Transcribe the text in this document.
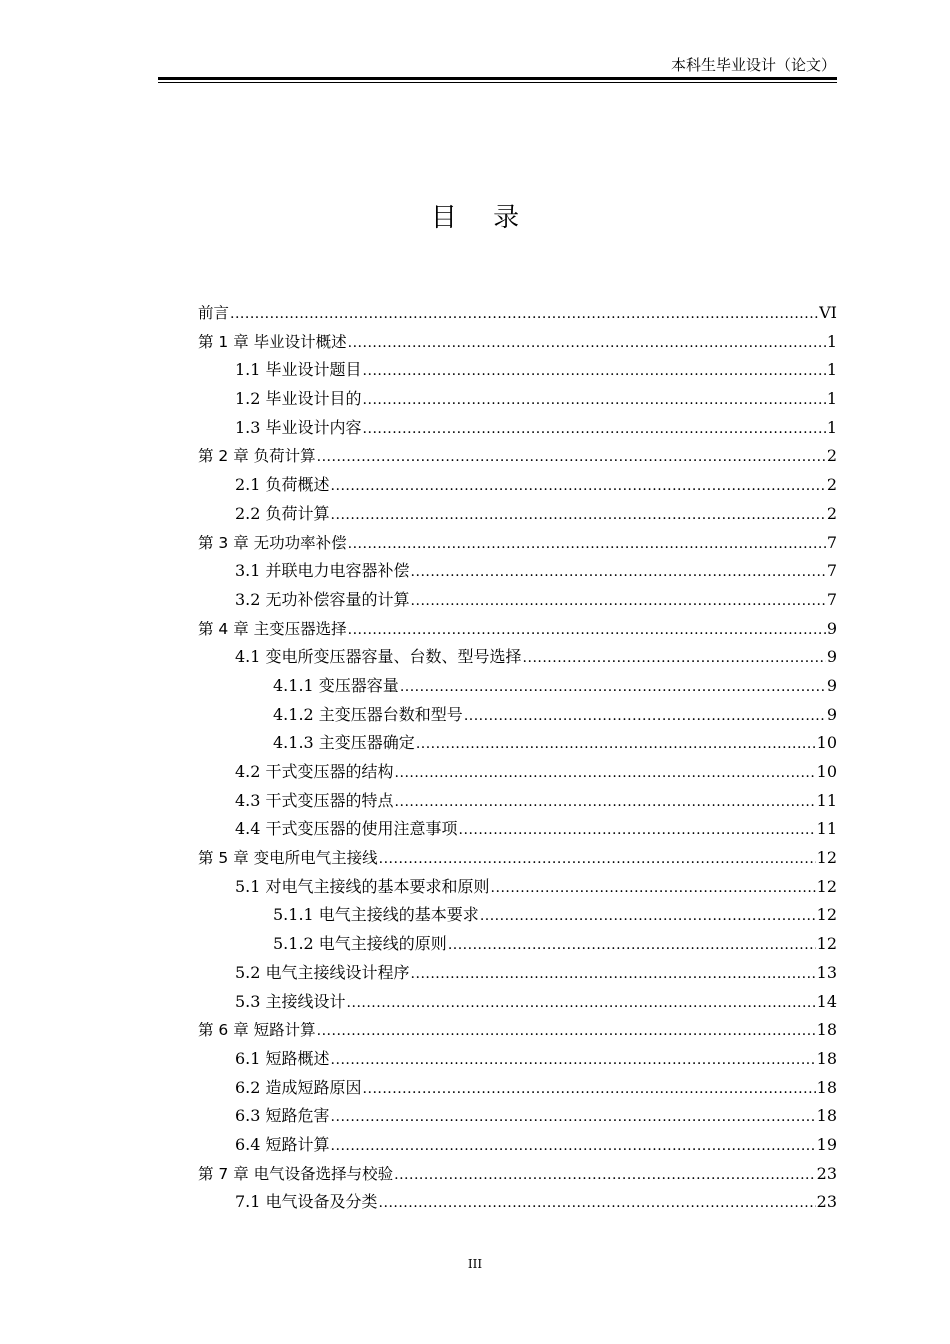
本科生毕业设计（论文）
目 录
前言 .....	VI
第 1 章 毕业设计概述 .....	1
1.1 毕业设计题目 .....	1
1.2 毕业设计目的 .....	1
1.3 毕业设计内容 .....	1
第 2 章 负荷计算 .....	2
2.1 负荷概述 .....	2
2.2 负荷计算 .....	2
第 3 章 无功功率补偿 .....	7
3.1 并联电力电容器补偿 .....	7
3.2 无功补偿容量的计算 .....	7
第 4 章 主变压器选择 .....	9
4.1 变电所变压器容量、台数、型号选择 .....	9
4.1.1 变压器容量 .....	9
4.1.2 主变压器台数和型号 .....	9
4.1.3 主变压器确定 .....	10
4.2 干式变压器的结构 .....	10
4.3 干式变压器的特点 .....	11
4.4 干式变压器的使用注意事项 .....	11
第 5 章 变电所电气主接线 .....	12
5.1 对电气主接线的基本要求和原则 .....	12
5.1.1 电气主接线的基本要求 .....	12
5.1.2 电气主接线的原则 .....	12
5.2 电气主接线设计程序 .....	13
5.3 主接线设计 .....	14
第 6 章 短路计算 .....	18
6.1 短路概述 .....	18
6.2 造成短路原因 .....	18
6.3 短路危害 .....	18
6.4 短路计算 .....	19
第 7 章 电气设备选择与校验 .....	23
7.1 电气设备及分类 .....	23
III
